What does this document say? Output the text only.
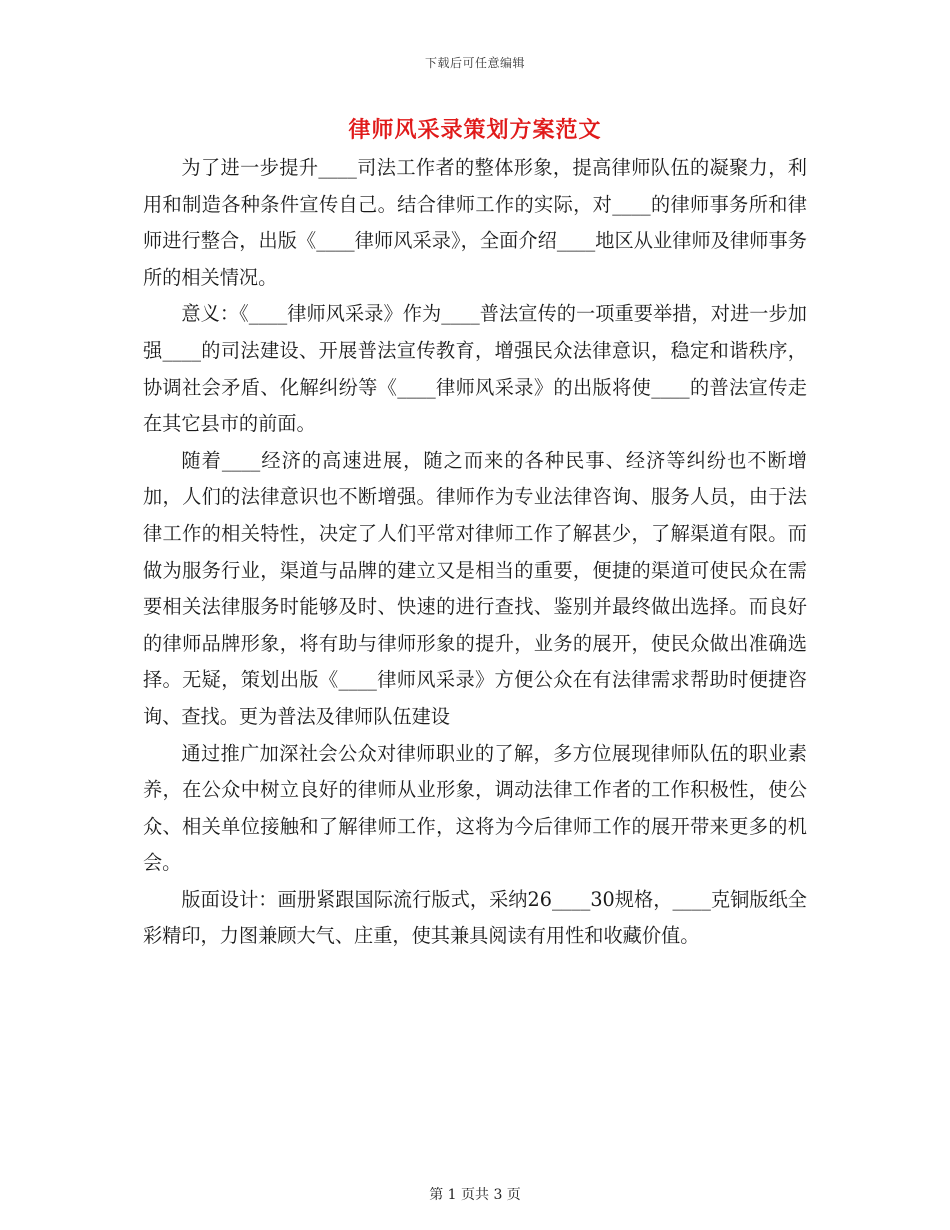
下载后可任意编辑
律师风采录策划方案范文

为了进一步提升____司法工作者的整体形象，提高律师队伍的凝聚力，利用和制造各种条件宣传自己。结合律师工作的实际，对____的律师事务所和律师进行整合，出版《____律师风采录》，全面介绍____地区从业律师及律师事务所的相关情况。

意义：《____律师风采录》作为____普法宣传的一项重要举措，对进一步加强____的司法建设、开展普法宣传教育，增强民众法律意识，稳定和谐秩序，协调社会矛盾、化解纠纷等《____律师风采录》的出版将使____的普法宣传走在其它县市的前面。

随着____经济的高速进展，随之而来的各种民事、经济等纠纷也不断增加，人们的法律意识也不断增强。律师作为专业法律咨询、服务人员，由于法律工作的相关特性，决定了人们平常对律师工作了解甚少，了解渠道有限。而做为服务行业，渠道与品牌的建立又是相当的重要，便捷的渠道可使民众在需要相关法律服务时能够及时、快速的进行查找、鉴别并最终做出选择。而良好的律师品牌形象，将有助与律师形象的提升，业务的展开，使民众做出准确选择。无疑，策划出版《____律师风采录》方便公众在有法律需求帮助时便捷咨询、查找。更为普法及律师队伍建设

通过推广加深社会公众对律师职业的了解，多方位展现律师队伍的职业素养，在公众中树立良好的律师从业形象，调动法律工作者的工作积极性，使公众、相关单位接触和了解律师工作，这将为今后律师工作的展开带来更多的机会。

版面设计：画册紧跟国际流行版式，采纳26____30规格，____克铜版纸全彩精印，力图兼顾大气、庄重，使其兼具阅读有用性和收藏价值。

第 1 页共 3 页
